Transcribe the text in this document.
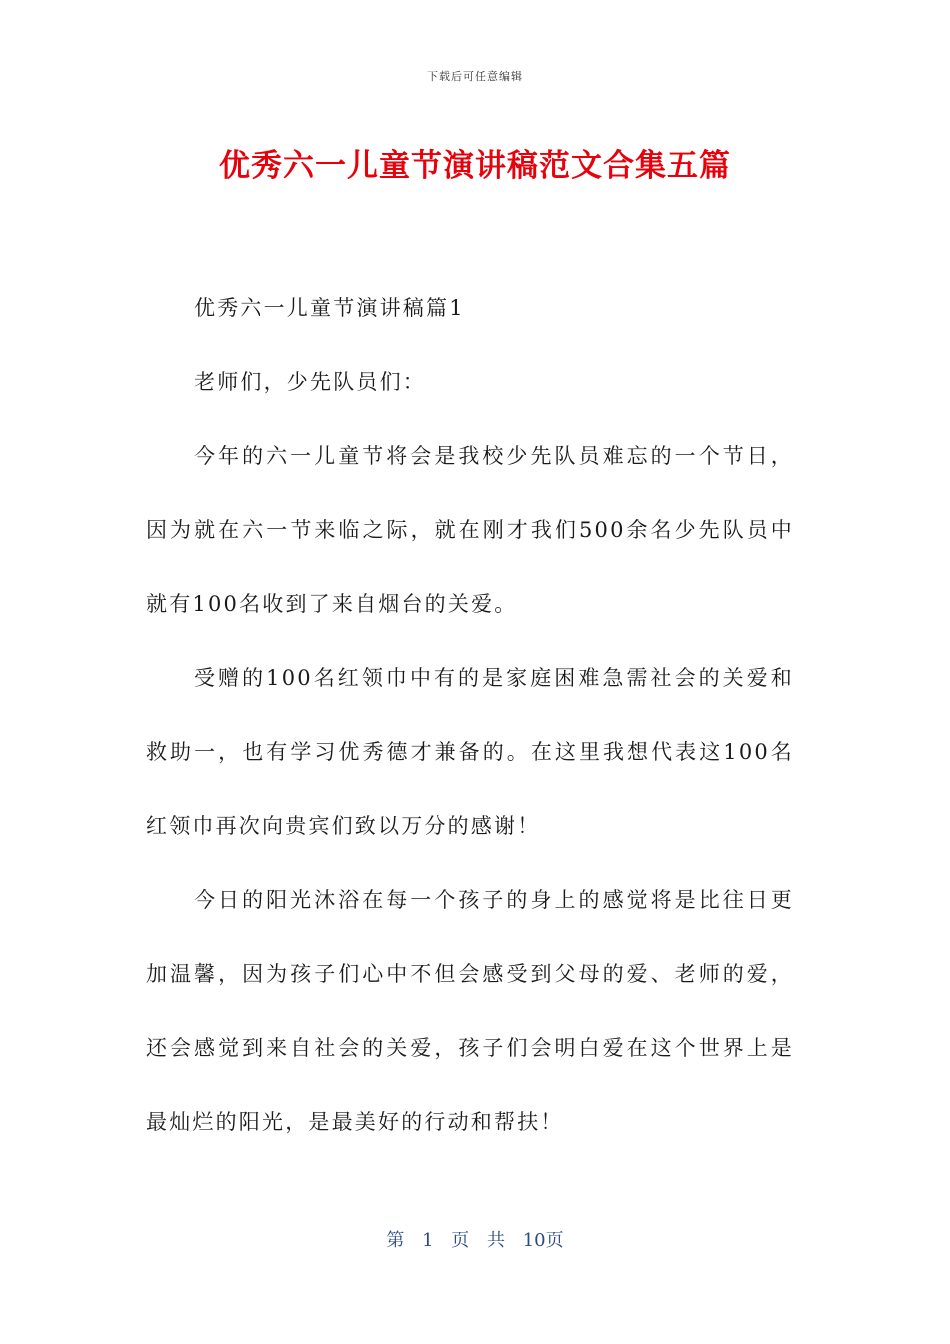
下载后可任意编辑
优秀六一儿童节演讲稿范文合集五篇

优秀六一儿童节演讲稿篇1

老师们，少先队员们：

今年的六一儿童节将会是我校少先队员难忘的一个节日，因为就在六一节来临之际，就在刚才我们500余名少先队员中就有100名收到了来自烟台的关爱。

受赠的100名红领巾中有的是家庭困难急需社会的关爱和救助一，也有学习优秀德才兼备的。在这里我想代表这100名红领巾再次向贵宾们致以万分的感谢！

今日的阳光沐浴在每一个孩子的身上的感觉将是比往日更加温馨，因为孩子们心中不但会感受到父母的爱、老师的爱，还会感觉到来自社会的关爱，孩子们会明白爱在这个世界上是最灿烂的阳光，是最美好的行动和帮扶！

第 1 页 共 10页
